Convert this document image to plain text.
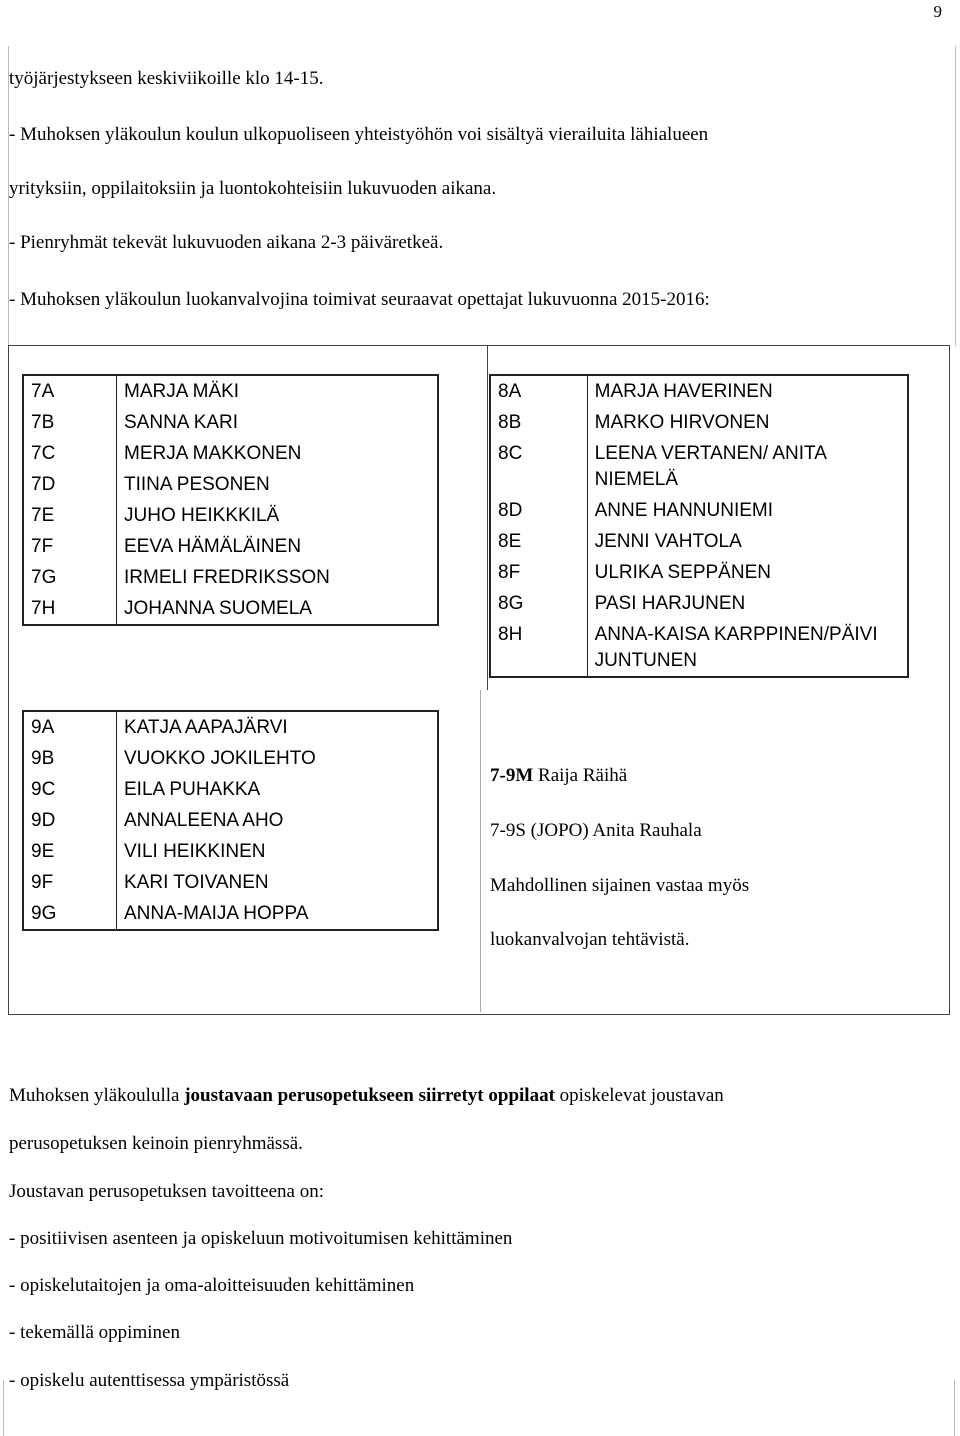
9
työjärjestykseen keskiviikoille klo 14-15.
- Muhoksen yläkoulun koulun ulkopuoliseen yhteistyöhön voi sisältyä vierailuita lähialueen
yrityksiin, oppilaitoksiin ja luontokohteisiin lukuvuoden aikana.
- Pienryhmät tekevät lukuvuoden aikana 2-3 päiväretkeä.
- Muhoksen yläkoulun luokanvalvojina toimivat seuraavat opettajat lukuvuonna 2015-2016:
7A	MARJA MÄKI
7B	SANNA KARI
7C	MERJA MAKKONEN
7D	TIINA PESONEN
7E	JUHO HEIKKKILÄ
7F	EEVA HÄMÄLÄINEN
7G	IRMELI FREDRIKSSON
7H	JOHANNA SUOMELA
8A	MARJA HAVERINEN
8B	MARKO HIRVONEN
8C	LEENA VERTANEN/ ANITA NIEMELÄ
8D	ANNE HANNUNIEMI
8E	JENNI VAHTOLA
8F	ULRIKA SEPPÄNEN
8G	PASI HARJUNEN
8H	ANNA-KAISA KARPPINEN/PÄIVI JUNTUNEN
9A	KATJA AAPAJÄRVI
9B	VUOKKO JOKILEHTO
9C	EILA PUHAKKA
9D	ANNALEENA AHO
9E	VILI HEIKKINEN
9F	KARI TOIVANEN
9G	ANNA-MAIJA HOPPA
7-9M Raija Räihä
7-9S (JOPO) Anita Rauhala
Mahdollinen sijainen vastaa myös
luokanvalvojan tehtävistä.
Muhoksen yläkoululla joustavaan perusopetukseen siirretyt oppilaat opiskelevat joustavan
perusopetuksen keinoin pienryhmässä.
Joustavan perusopetuksen tavoitteena on:
- positiivisen asenteen ja opiskeluun motivoitumisen kehittäminen
- opiskelutaitojen ja oma-aloitteisuuden kehittäminen
- tekemällä oppiminen
- opiskelu autenttisessa ympäristössä
